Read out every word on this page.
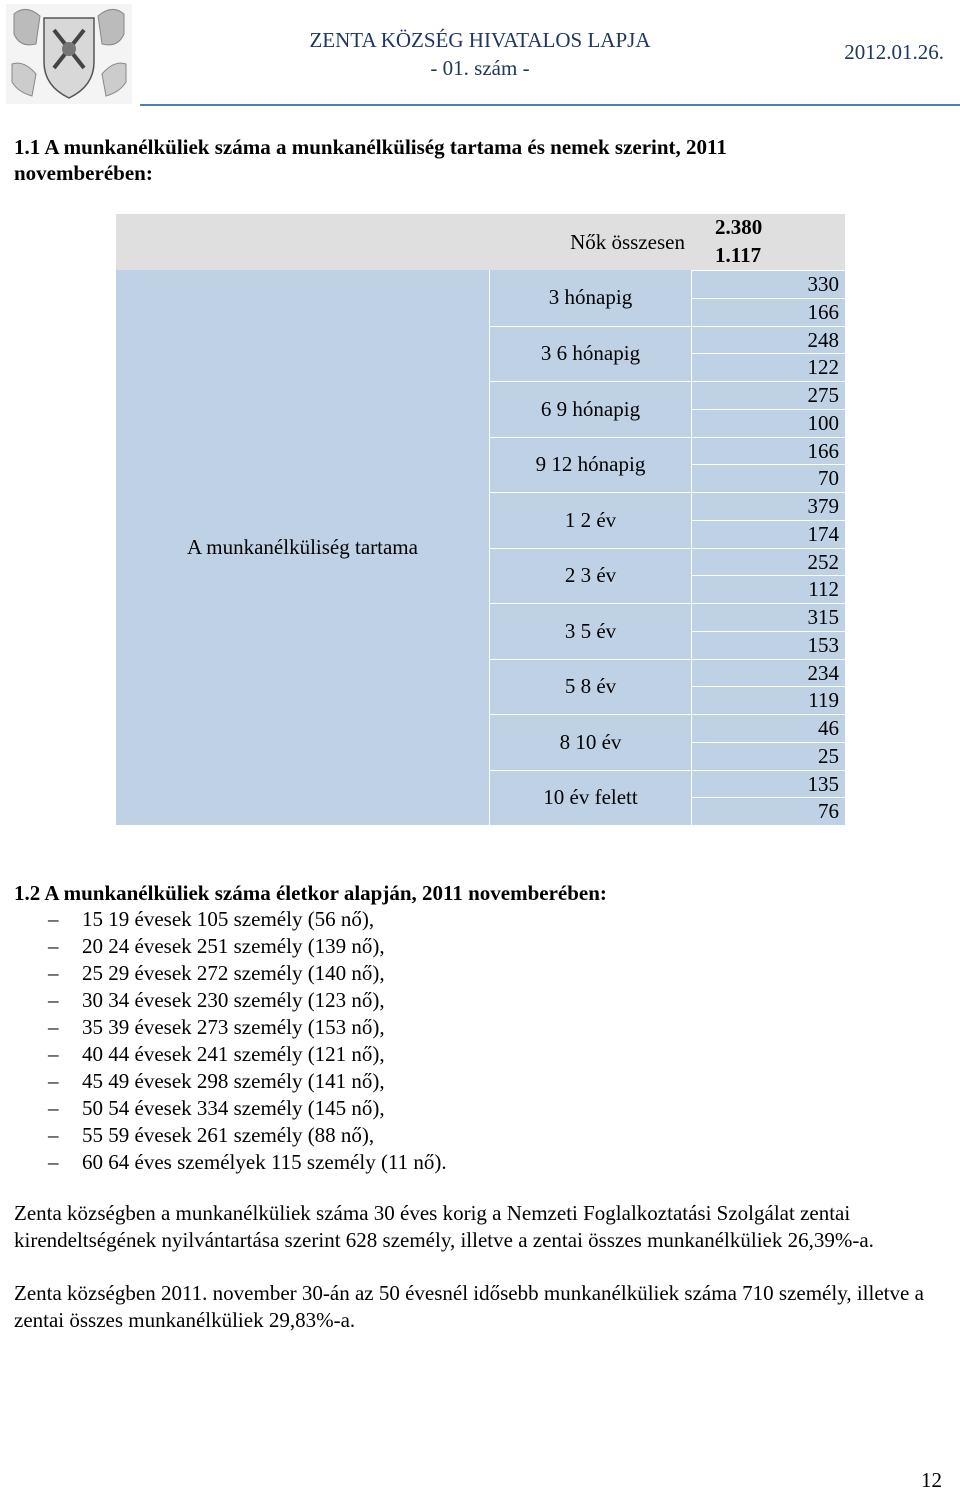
ZENTA KÖZSÉG HIVATALOS LAPJA
- 01. szám -
2012.01.26.
1.1 A munkanélküliek száma a munkanélküliség tartama és nemek szerint, 2011
novemberében:
Nők összesen
2.380
1.117
A munkanélküliség tartama
3 hónapig
330
166
3 6 hónapig
248
122
6 9 hónapig
275
100
9 12 hónapig
166
70
1 2 év
379
174
2 3 év
252
112
3 5 év
315
153
5 8 év
234
119
8 10 év
46
25
10 év felett
135
76
1.2 A munkanélküliek száma életkor alapján, 2011 novemberében:
– 15 19 évesek 105 személy (56 nő),
– 20 24 évesek 251 személy (139 nő),
– 25 29 évesek 272 személy (140 nő),
– 30 34 évesek 230 személy (123 nő),
– 35 39 évesek 273 személy (153 nő),
– 40 44 évesek 241 személy (121 nő),
– 45 49 évesek 298 személy (141 nő),
– 50 54 évesek 334 személy (145 nő),
– 55 59 évesek 261 személy (88 nő),
– 60 64 éves személyek 115 személy (11 nő).
Zenta községben a munkanélküliek száma 30 éves korig a Nemzeti Foglalkoztatási Szolgálat zentai kirendeltségének nyilvántartása szerint 628 személy, illetve a zentai összes munkanélküliek 26,39%-a.
Zenta községben 2011. november 30-án az 50 évesnél idősebb munkanélküliek száma 710 személy, illetve a zentai összes munkanélküliek 29,83%-a.
12
